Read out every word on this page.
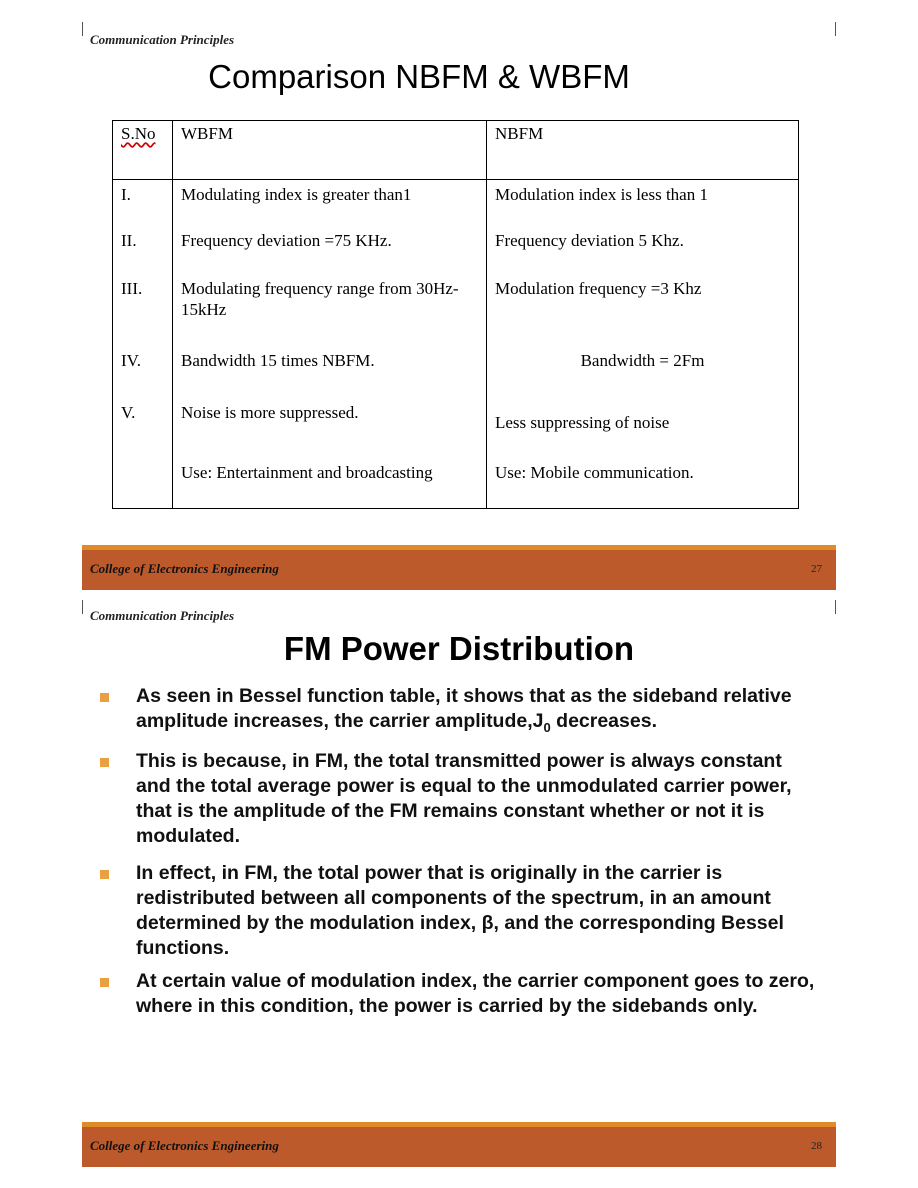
Communication Principles
Comparison NBFM & WBFM
S.No	WBFM	NBFM
I.	Modulating index is greater than1	Modulation index is less than 1
II.	Frequency deviation =75 KHz.	Frequency deviation 5 Khz.
III.	Modulating frequency range from 30Hz-15kHz	Modulation frequency =3 Khz
IV.	Bandwidth 15 times NBFM.	Bandwidth = 2Fm
V.	Noise is more suppressed.	Less suppressing of noise
	Use: Entertainment and broadcasting	Use: Mobile communication.
College of Electronics Engineering	27
Communication Principles
FM Power Distribution
As seen in Bessel function table, it shows that as the sideband relative amplitude increases, the carrier $amplitude,J_0$ decreases.
This is because, in FM, the total transmitted power is always constant and the total average power is equal to the unmodulated carrier power, that is the amplitude of the FM remains constant whether or not it is modulated.
In effect, in FM, the total power that is originally in the carrier is redistributed between all components of the spectrum, in an amount determined by the modulation index, β, and the corresponding Bessel functions.
At certain value of modulation index, the carrier component goes to zero, where in this condition, the power is carried by the sidebands only.
College of Electronics Engineering	28
